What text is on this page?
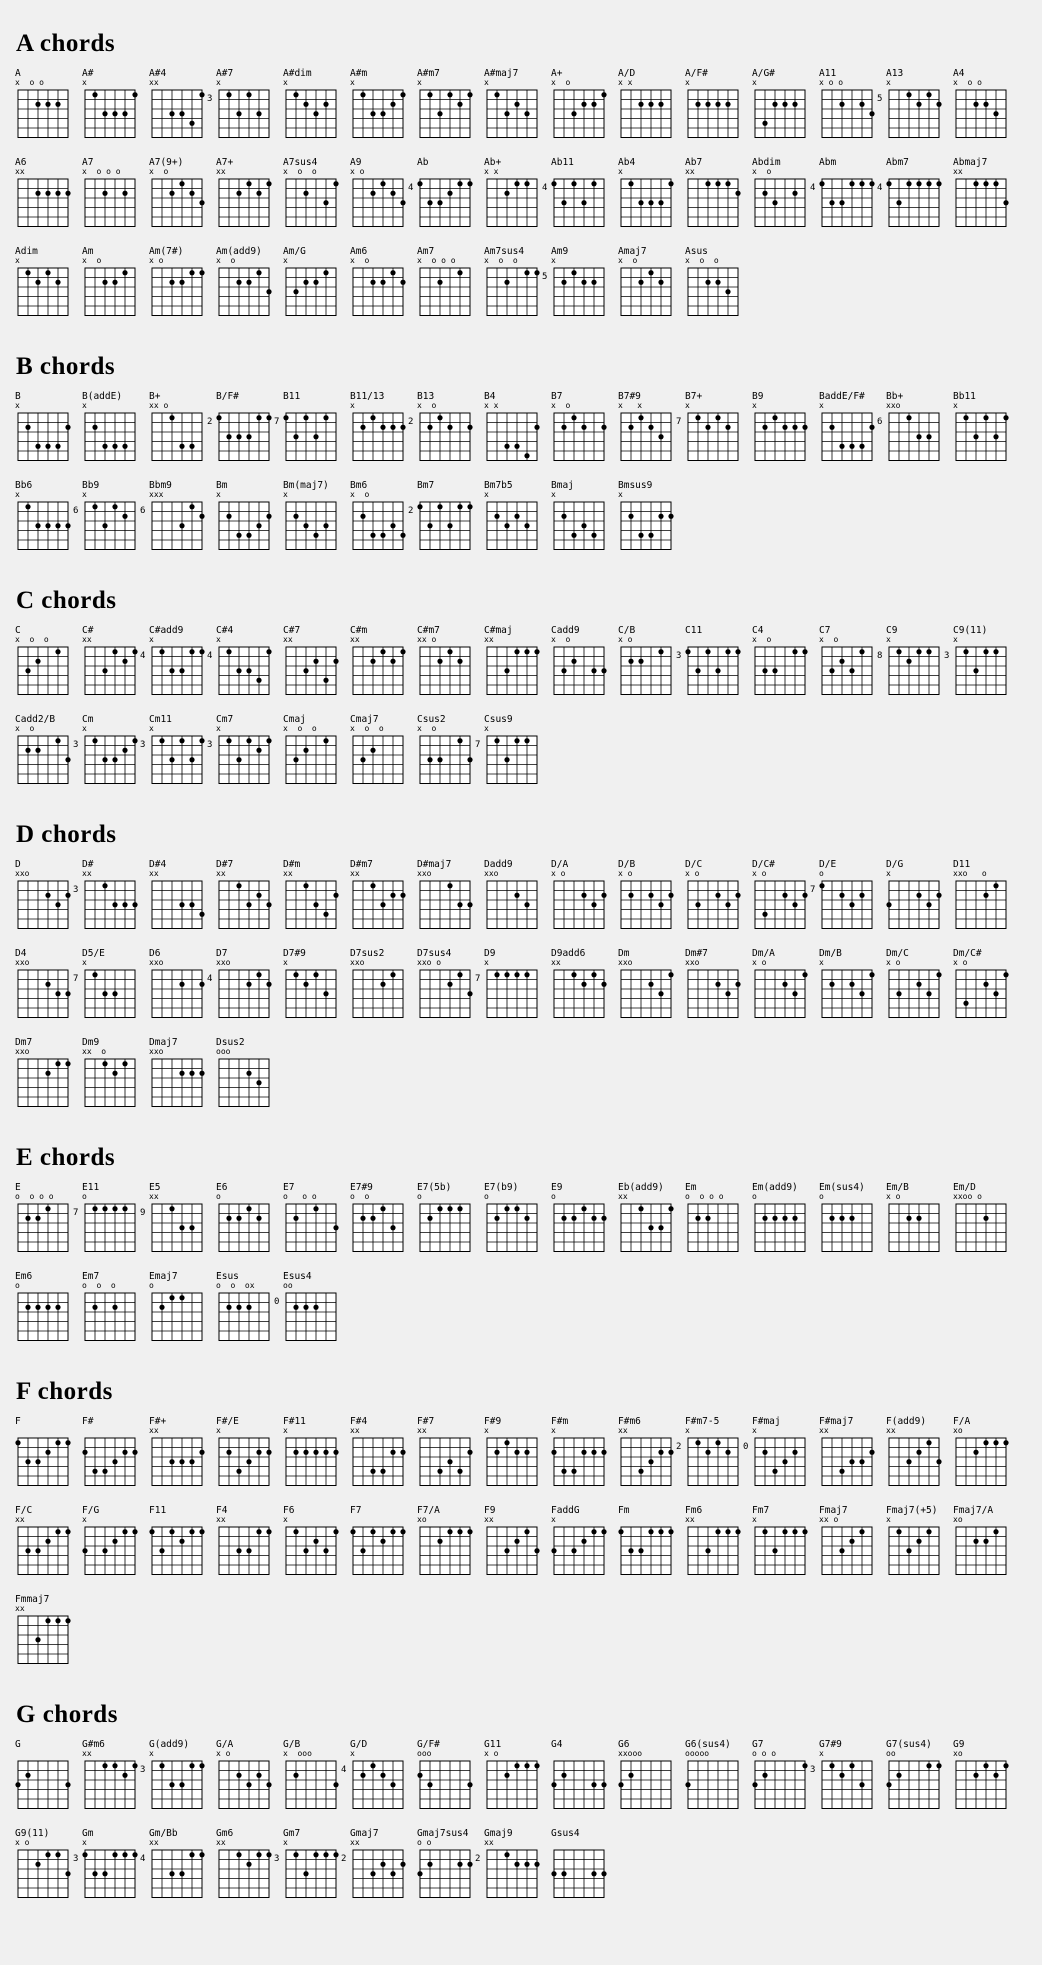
A chords
A
x  o o
A#
x
A#4
xx
A#7
x
3
A#dim
x
A#m
x
A#m7
x
A#maj7
x
A+
x  o
A/D
x x
A/F#
x
A/G#
x
A11
x o o
A13
x
5
A4
x  o o
A6
xx
A7
x  o o o
A7(9+)
x  o
A7+
xx
A7sus4
x  o  o
A9
x o
Ab
4
Ab+
x x
Ab11
4
Ab4
x
Ab7
xx
Abdim
x  o
Abm
4
Abm7
4
Abmaj7
xx
Adim
x
Am
x  o
Am(7#)
x o
Am(add9)
x  o
Am/G
x
Am6
x  o
Am7
x  o o o
Am7sus4
x  o  o
Am9
x
5
Amaj7
x  o
Asus
x  o  o
B chords
B
x
B(addE)
x
B+
xx o
B/F#
2
B11
7
B11/13
x
B13
x  o
2
B4
x x
B7
x  o
B7#9
x   x
B7+
x
7
B9
x
BaddE/F#
x
Bb+
xxo
6
Bb11
x
Bb6
x
Bb9
x
6
Bbm9
xxx
6
Bm
x
Bm(maj7)
x
Bm6
x  o
Bm7
2
Bm7b5
x
Bmaj
x
Bmsus9
x
C chords
C
x  o  o
C#
xx
C#add9
x
4
C#4
x
4
C#7
xx
C#m
xx
C#m7
xx o
C#maj
xx
Cadd9
x  o
C/B
x o
C11
3
C4
x  o
C7
x  o
C9
x
8
C9(11)
x
3
Cadd2/B
x  o
Cm
x
3
Cm11
x
3
Cm7
x
3
Cmaj
x  o  o
Cmaj7
x  o  o
Csus2
x  o
Csus9
x
7
D chords
D
xxo
D#
xx
3
D#4
xx
D#7
xx
D#m
xx
D#m7
xx
D#maj7
xxo
Dadd9
xxo
D/A
x o
D/B
x o
D/C
x o
D/C#
x o
D/E
o
7
D/G
x
D11
xxo   o
D4
xxo
D5/E
x
7
D6
xxo
D7
xxo
4
D7#9
x
D7sus2
xxo
D7sus4
xxo o
D9
x
7
D9add6
xx
Dm
xxo
Dm#7
xxo
Dm/A
x o
Dm/B
x
Dm/C
x o
Dm/C#
x o
Dm7
xxo
Dm9
xx  o
Dmaj7
xxo
Dsus2
ooo
E chords
E
o  o o o
E11
o
7
E5
xx
9
E6
o
E7
o   o o
E7#9
o  o
E7(5b)
o
E7(b9)
o
E9
o
Eb(add9)
xx
Em
o  o o o
Em(add9)
o
Em(sus4)
o
Em/B
x o
Em/D
xxoo o
Em6
o
Em7
o  o  o
Emaj7
o
Esus
o  o  ox
Esus4
oo
0
F chords
F	F#	F#+
xx
F#/E
x
F#11
x
F#4
xx
F#7
xx
F#9
x
F#m
x
F#m6
xx
F#m7-5
x
2
F#maj
x
0
F#maj7
xx
F(add9)
xx
F/A
xo
F/C
xx
F/G
x
F11	F4
xx
F6
x
F7	F7/A
xo
F9
xx
FaddG
x
Fm	Fm6
xx
Fm7
x
Fmaj7
xx o
Fmaj7(+5)
x
Fmaj7/A
xo
Fmmaj7
xx
G chords
G	G#m6
xx
G(add9)
x
3
G/A
x o
G/B
x  ooo
G/D
x
4
G/F#
ooo
G11
x o
G4	G6
xxooo
G6(sus4)
ooooo
G7
o o o
G7#9
x
3
G7(sus4)
oo
G9
xo
G9(11)
x o
Gm
x
3
Gm/Bb
xx
4
Gm6
xx
Gm7
x
3
Gmaj7
xx
2
Gmaj7sus4
o o
Gmaj9
xx
2
Gsus4
